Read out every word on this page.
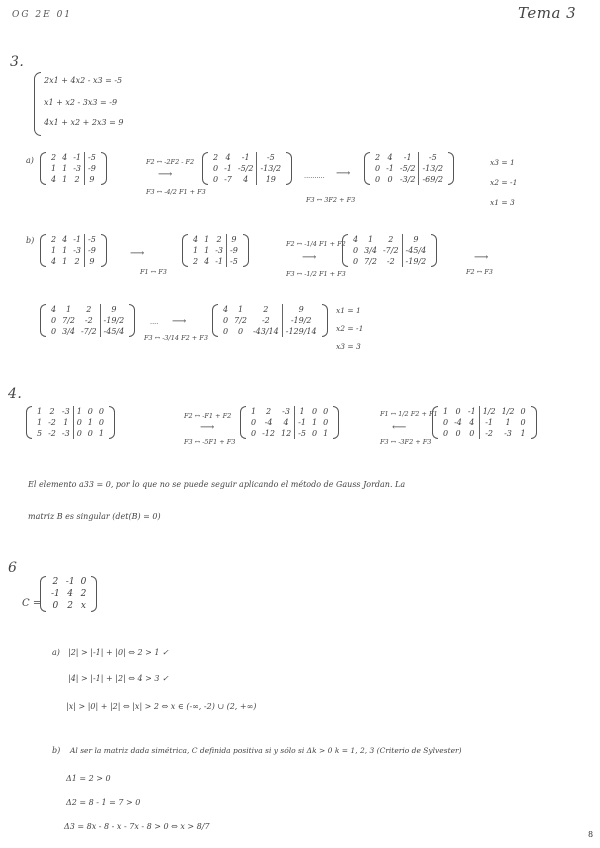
OG 2E 01	Tema 3
3.
2x1 + 4x2 - x3 = -5
x1 + x2 - 3x3 = -9
4x1 + x2 + 2x3 = 9
a) 2	4	-1	-5
1	1	-3	-9
4	1	2	9
F2 ↔ -2F2 - F2
⟶
F3 ↔ -4/2 F1 + F3
2	4	-1	-5
0	-1	-5/2	-13/2
0	-7	4	19	.......... ⟶
F3 ↔ 3F2 + F3
2	4	-1	-5
0	-1	-5/2	-13/2
0	0	-3/2	-69/2
x3 = 1
x2 = -1
x1 = 3
b) 2	4	-1	-5
1	1	-3	-9
4	1	2	9
⟶
F1 ↔ F3
4	1	2	9
1	1	-3	-9
2	4	-1	-5
F2 ↔ -1/4 F1 + F2
⟶
F3 ↔ -1/2 F1 + F3
4	1	2	9
0	3/4	-7/2	-45/4
0	7/2	-2	-19/2	⟶
F2 ↔ F3
4	1	2	9
0	7/2	-2	-19/2
0	3/4	-7/2	-45/4
.... ⟶
F3 ↔ -3/14 F2 + F3
4	1	2	9
0	7/2	-2	-19/2
0	0	-43/14	-129/14
x1 = 1
x2 = -1
x3 = 3
4.
1	2	-3	1	0	0
1	-2	1	0	1	0
5	-2	-3	0	0	1
F2 ↔ -F1 + F2
⟶
F3 ↔ -5F1 + F3
1	2	-3	1	0	0
0	-4	4	-1	1	0
0	-12	12	-5	0	1
F1 ↔ 1/2 F2 + F1
⟵
F3 ↔ -3F2 + F3
1	0	-1	1/2	1/2	0
0	-4	4	-1	1	0
0	0	0	-2	-3	1
El elemento a33 = 0, por lo que no se puede seguir aplicando el método de Gauss Jordan. La
matriz B es singular (det(B) = 0)
6
C =
2	-1	0
-1	4	2
0	2	x
a) |2| > |-1| + |0| ⇔ 2 > 1 ✓
|4| > |-1| + |2| ⇔ 4 > 3 ✓
|x| > |0| + |2| ⇔ |x| > 2 ⇔ x ∈ (-∞, -2) ∪ (2, +∞)
b) Al ser la matriz dada simétrica, C definida positiva si y sólo si Δk > 0 k = 1, 2, 3 (Criterio de Sylvester)
Δ1 = 2 > 0
Δ2 = 8 - 1 = 7 > 0
Δ3 = 8x - 8 - x - 7x - 8 > 0 ⇔ x > 8/7
8
